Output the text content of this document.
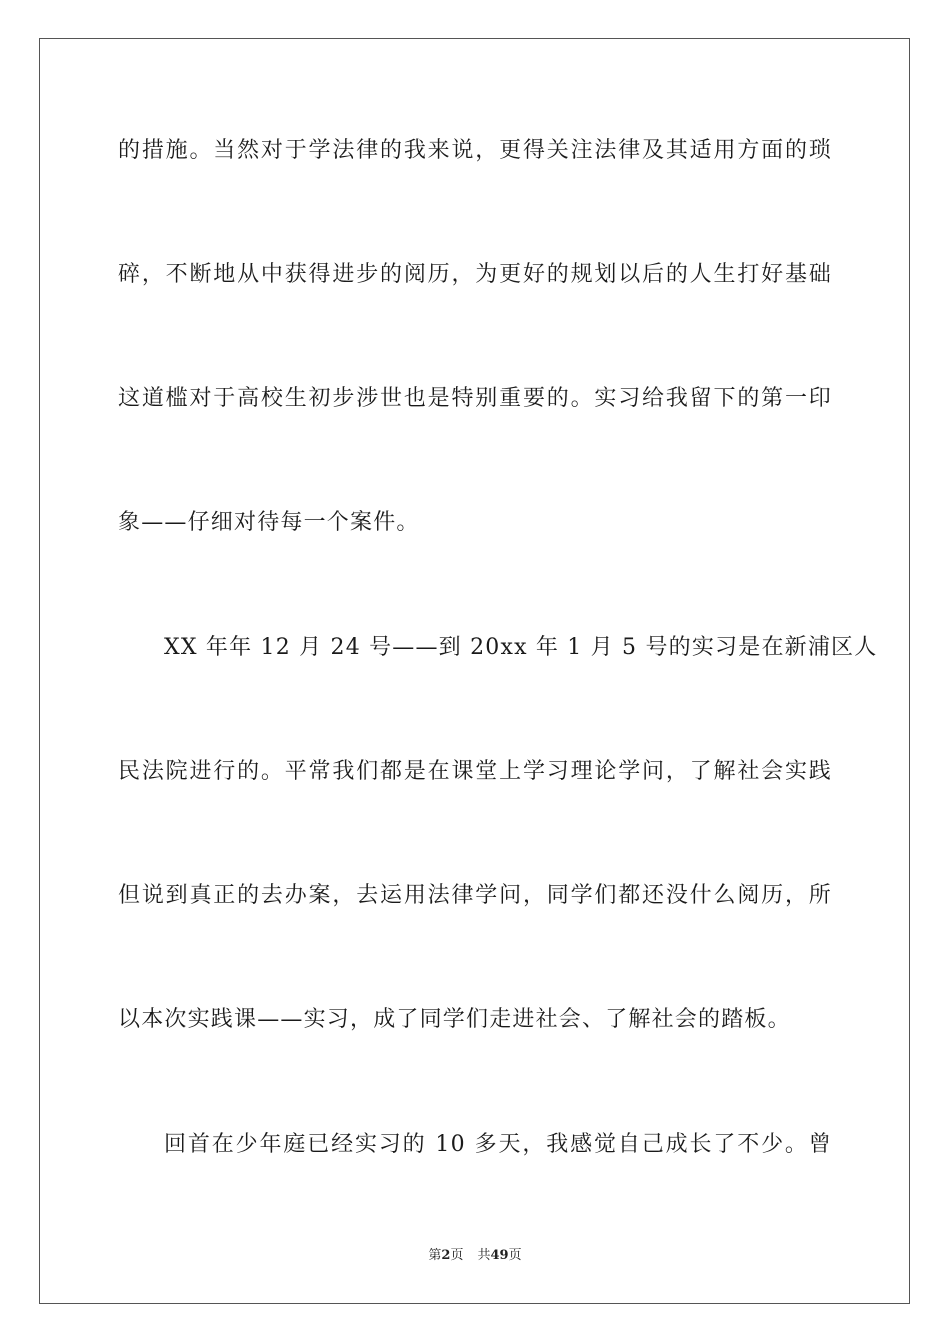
的措施。当然对于学法律的我来说，更得关注法律及其适用方面的琐
碎，不断地从中获得进步的阅历，为更好的规划以后的人生打好基础
这道槛对于高校生初步涉世也是特别重要的。实习给我留下的第一印
象——仔细对待每一个案件。
XX 年年 12 月 24 号——到 20xx 年 1 月 5 号的实习是在新浦区人
民法院进行的。平常我们都是在课堂上学习理论学问，了解社会实践
但说到真正的去办案，去运用法律学问，同学们都还没什么阅历，所
以本次实践课——实习，成了同学们走进社会、了解社会的踏板。
回首在少年庭已经实习的 10 多天，我感觉自己成长了不少。曾
第2页 共49页
